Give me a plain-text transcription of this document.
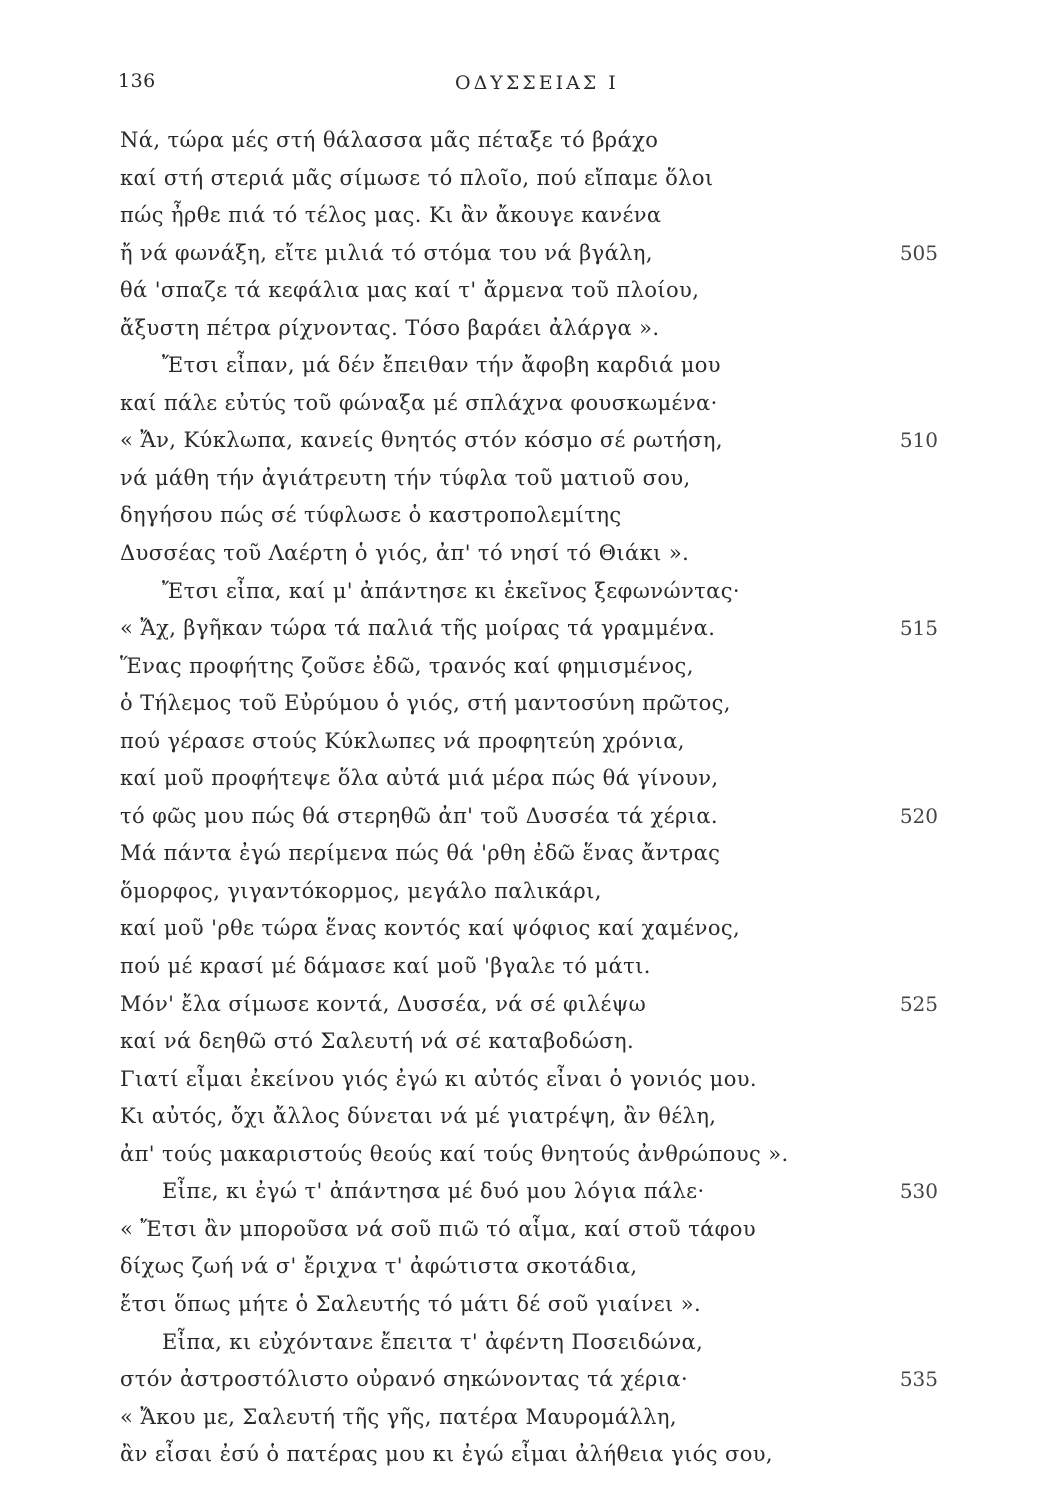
136	ΟΔΥΣΣΕΙΑΣ Ι
Νά, τώρα μές στή θάλασσα μᾶς πέταξε τό βράχο
καί στή στεριά μᾶς σίμωσε τό πλοῖο, πού εἴπαμε ὅλοι
πώς ἦρθε πιά τό τέλος μας. Κι ἂν ἄκουγε κανένα
ἤ νά φωνάξη, εἴτε μιλιά τό στόμα του νά βγάλη,	505
θά 'σπαζε τά κεφάλια μας καί τ' ἄρμενα τοῦ πλοίου,
ἄξυστη πέτρα ρίχνοντας. Τόσο βαράει ἀλάργα ».
Ἔτσι εἶπαν, μά δέν ἔπειθαν τήν ἄφοβη καρδιά μου
καί πάλε εὐτύς τοῦ φώναξα μέ σπλάχνα φουσκωμένα·
« Ἄν, Κύκλωπα, κανείς θνητός στόν κόσμο σέ ρωτήση,	510
νά μάθη τήν ἀγιάτρευτη τήν τύφλα τοῦ ματιοῦ σου,
δηγήσου πώς σέ τύφλωσε ὁ καστροπολεμίτης
Δυσσέας τοῦ Λαέρτη ὁ γιός, ἀπ' τό νησί τό Θιάκι ».
Ἔτσι εἶπα, καί μ' ἀπάντησε κι ἐκεῖνος ξεφωνώντας·
« Ἄχ, βγῆκαν τώρα τά παλιά τῆς μοίρας τά γραμμένα.	515
Ἕνας προφήτης ζοῦσε ἐδῶ, τρανός καί φημισμένος,
ὁ Τήλεμος τοῦ Εὐρύμου ὁ γιός, στή μαντοσύνη πρῶτος,
πού γέρασε στούς Κύκλωπες νά προφητεύη χρόνια,
καί μοῦ προφήτεψε ὅλα αὐτά μιά μέρα πώς θά γίνουν,
τό φῶς μου πώς θά στερηθῶ ἀπ' τοῦ Δυσσέα τά χέρια.	520
Μά πάντα ἐγώ περίμενα πώς θά 'ρθη ἐδῶ ἕνας ἄντρας
ὅμορφος, γιγαντόκορμος, μεγάλο παλικάρι,
καί μοῦ 'ρθε τώρα ἕνας κοντός καί ψόφιος καί χαμένος,
πού μέ κρασί μέ δάμασε καί μοῦ 'βγαλε τό μάτι.
Μόν' ἔλα σίμωσε κοντά, Δυσσέα, νά σέ φιλέψω	525
καί νά δεηθῶ στό Σαλευτή νά σέ καταβοδώση.
Γιατί εἶμαι ἐκείνου γιός ἐγώ κι αὐτός εἶναι ὁ γονιός μου.
Κι αὐτός, ὄχι ἄλλος δύνεται νά μέ γιατρέψη, ἂν θέλη,
ἀπ' τούς μακαριστούς θεούς καί τούς θνητούς ἀνθρώπους ».
Εἶπε, κι ἐγώ τ' ἀπάντησα μέ δυό μου λόγια πάλε·	530
« Ἔτσι ἂν μποροῦσα νά σοῦ πιῶ τό αἷμα, καί στοῦ τάφου
δίχως ζωή νά σ' ἔριχνα τ' ἀφώτιστα σκοτάδια,
ἔτσι ὅπως μήτε ὁ Σαλευτής τό μάτι δέ σοῦ γιαίνει ».
Εἶπα, κι εὐχόντανε ἔπειτα τ' ἀφέντη Ποσειδώνα,
στόν ἀστροστόλιστο οὐρανό σηκώνοντας τά χέρια·	535
« Ἄκου με, Σαλευτή τῆς γῆς, πατέρα Μαυρομάλλη,
ἂν εἶσαι ἐσύ ὁ πατέρας μου κι ἐγώ εἶμαι ἀλήθεια γιός σου,
